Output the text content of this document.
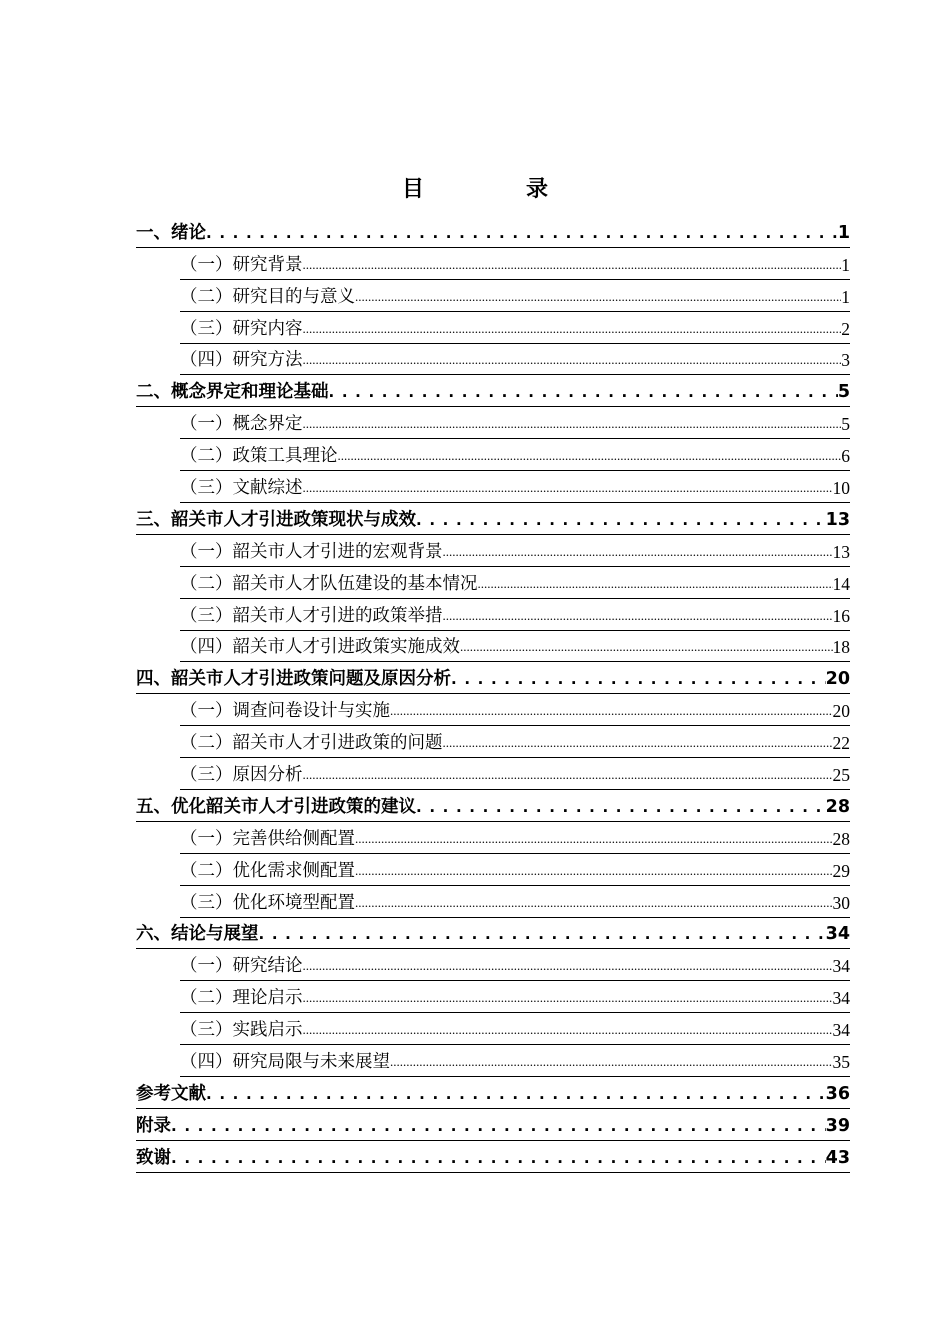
目　录
一、绪论 . . .	1
（一）研究背景 .....	1
（二）研究目的与意义 .....	1
（三）研究内容 .....	2
（四）研究方法 .....	3
二、概念界定和理论基础 . . .	5
（一）概念界定 .....	5
（二）政策工具理论 .....	6
（三）文献综述 .....	10
三、韶关市人才引进政策现状与成效 . . .	13
（一）韶关市人才引进的宏观背景 .....	13
（二）韶关市人才队伍建设的基本情况 .....	14
（三）韶关市人才引进的政策举措 .....	16
（四）韶关市人才引进政策实施成效 .....	18
四、韶关市人才引进政策问题及原因分析 . . .	20
（一）调查问卷设计与实施 .....	20
（二）韶关市人才引进政策的问题 .....	22
（三）原因分析 .....	25
五、优化韶关市人才引进政策的建议 . . .	28
（一）完善供给侧配置 .....	28
（二）优化需求侧配置 .....	29
（三）优化环境型配置 .....	30
六、结论与展望 . . .	34
（一）研究结论 .....	34
（二）理论启示 .....	34
（三）实践启示 .....	34
（四）研究局限与未来展望 .....	35
参考文献 . . .	36
附录 . . .	39
致谢 . . .	43
